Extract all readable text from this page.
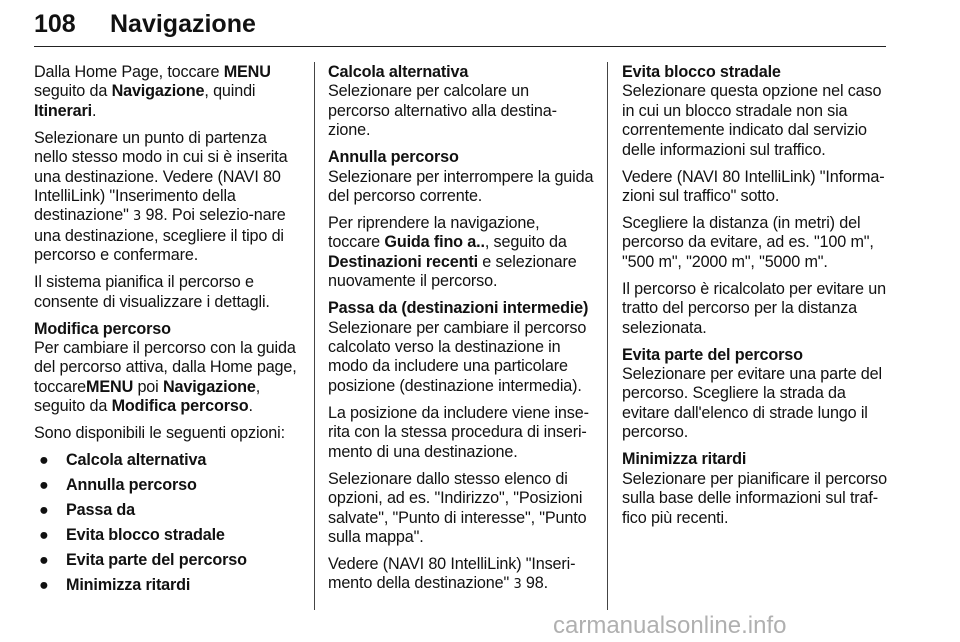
108 Navigazione

Dalla Home Page, toccare MENU seguito da Navigazione, quindi Itinerari.

Selezionare un punto di partenza nello stesso modo in cui si è inserita una destinazione. Vedere (NAVI 80 IntelliLink) "Inserimento della destinazione" 3 98. Poi selezio‐nare una destinazione, scegliere il tipo di percorso e confermare.

Il sistema pianifica il percorso e consente di visualizzare i dettagli.

Modifica percorso
Per cambiare il percorso con la guida del percorso attiva, dalla Home page, toccareMENU poi Navigazione, seguito da Modifica percorso.

Sono disponibili le seguenti opzioni:

● Calcola alternativa
● Annulla percorso
● Passa da
● Evita blocco stradale
● Evita parte del percorso
● Minimizza ritardi

Calcola alternativa
Selezionare per calcolare un percorso alternativo alla destina‐zione.

Annulla percorso
Selezionare per interrompere la guida del percorso corrente.

Per riprendere la navigazione, toccare Guida fino a.., seguito da Destinazioni recenti e selezionare nuovamente il percorso.

Passa da (destinazioni intermedie)
Selezionare per cambiare il percorso calcolato verso la destinazione in modo da includere una particolare posizione (destinazione intermedia).

La posizione da includere viene inse‐rita con la stessa procedura di inseri‐mento di una destinazione.

Selezionare dallo stesso elenco di opzioni, ad es. "Indirizzo", "Posizioni salvate", "Punto di interesse", "Punto sulla mappa".

Vedere (NAVI 80 IntelliLink) "Inseri‐mento della destinazione" 3 98.

Evita blocco stradale
Selezionare questa opzione nel caso in cui un blocco stradale non sia correntemente indicato dal servizio delle informazioni sul traffico.

Vedere (NAVI 80 IntelliLink) "Informa‐zioni sul traffico" sotto.

Scegliere la distanza (in metri) del percorso da evitare, ad es. "100 m", "500 m", "2000 m", "5000 m".

Il percorso è ricalcolato per evitare un tratto del percorso per la distanza selezionata.

Evita parte del percorso
Selezionare per evitare una parte del percorso. Scegliere la strada da evitare dall'elenco di strade lungo il percorso.

Minimizza ritardi
Selezionare per pianificare il percorso sulla base delle informazioni sul traf‐fico più recenti.

carmanualsonline.info
